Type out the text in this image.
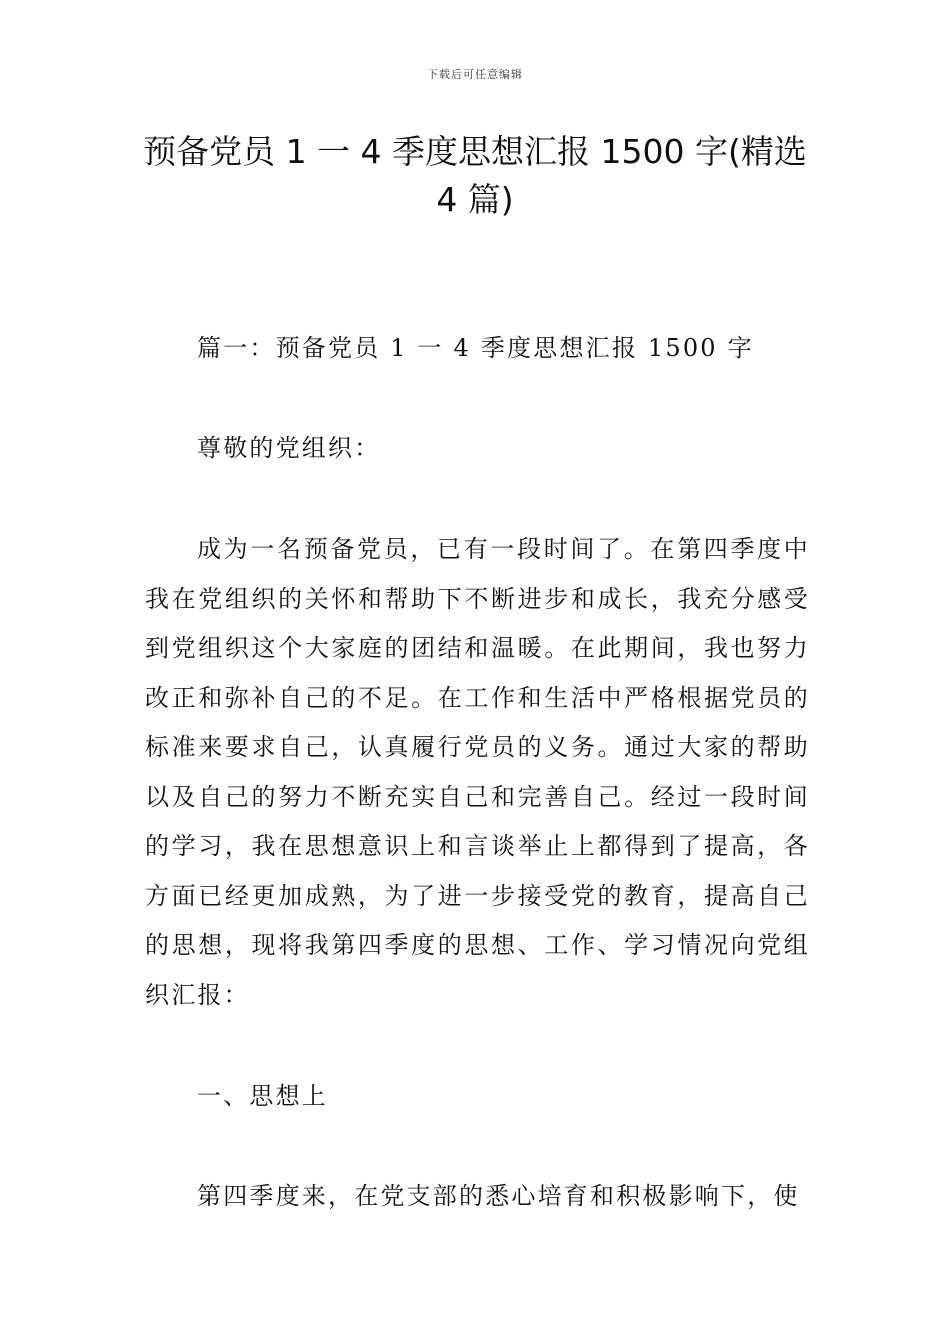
下载后可任意编辑
预备党员 1 一 4 季度思想汇报 1500 字(精选 4 篇)

篇一：预备党员 1 一 4 季度思想汇报 1500 字

尊敬的党组织：

成为一名预备党员，已有一段时间了。在第四季度中我在党组织的关怀和帮助下不断进步和成长，我充分感受到党组织这个大家庭的团结和温暖。在此期间，我也努力改正和弥补自己的不足。在工作和生活中严格根据党员的标准来要求自己，认真履行党员的义务。通过大家的帮助以及自己的努力不断充实自己和完善自己。经过一段时间的学习，我在思想意识上和言谈举止上都得到了提高，各方面已经更加成熟，为了进一步接受党的教育，提高自己的思想，现将我第四季度的思想、工作、学习情况向党组织汇报：

一、思想上

第四季度来，在党支部的悉心培育和积极影响下，使
